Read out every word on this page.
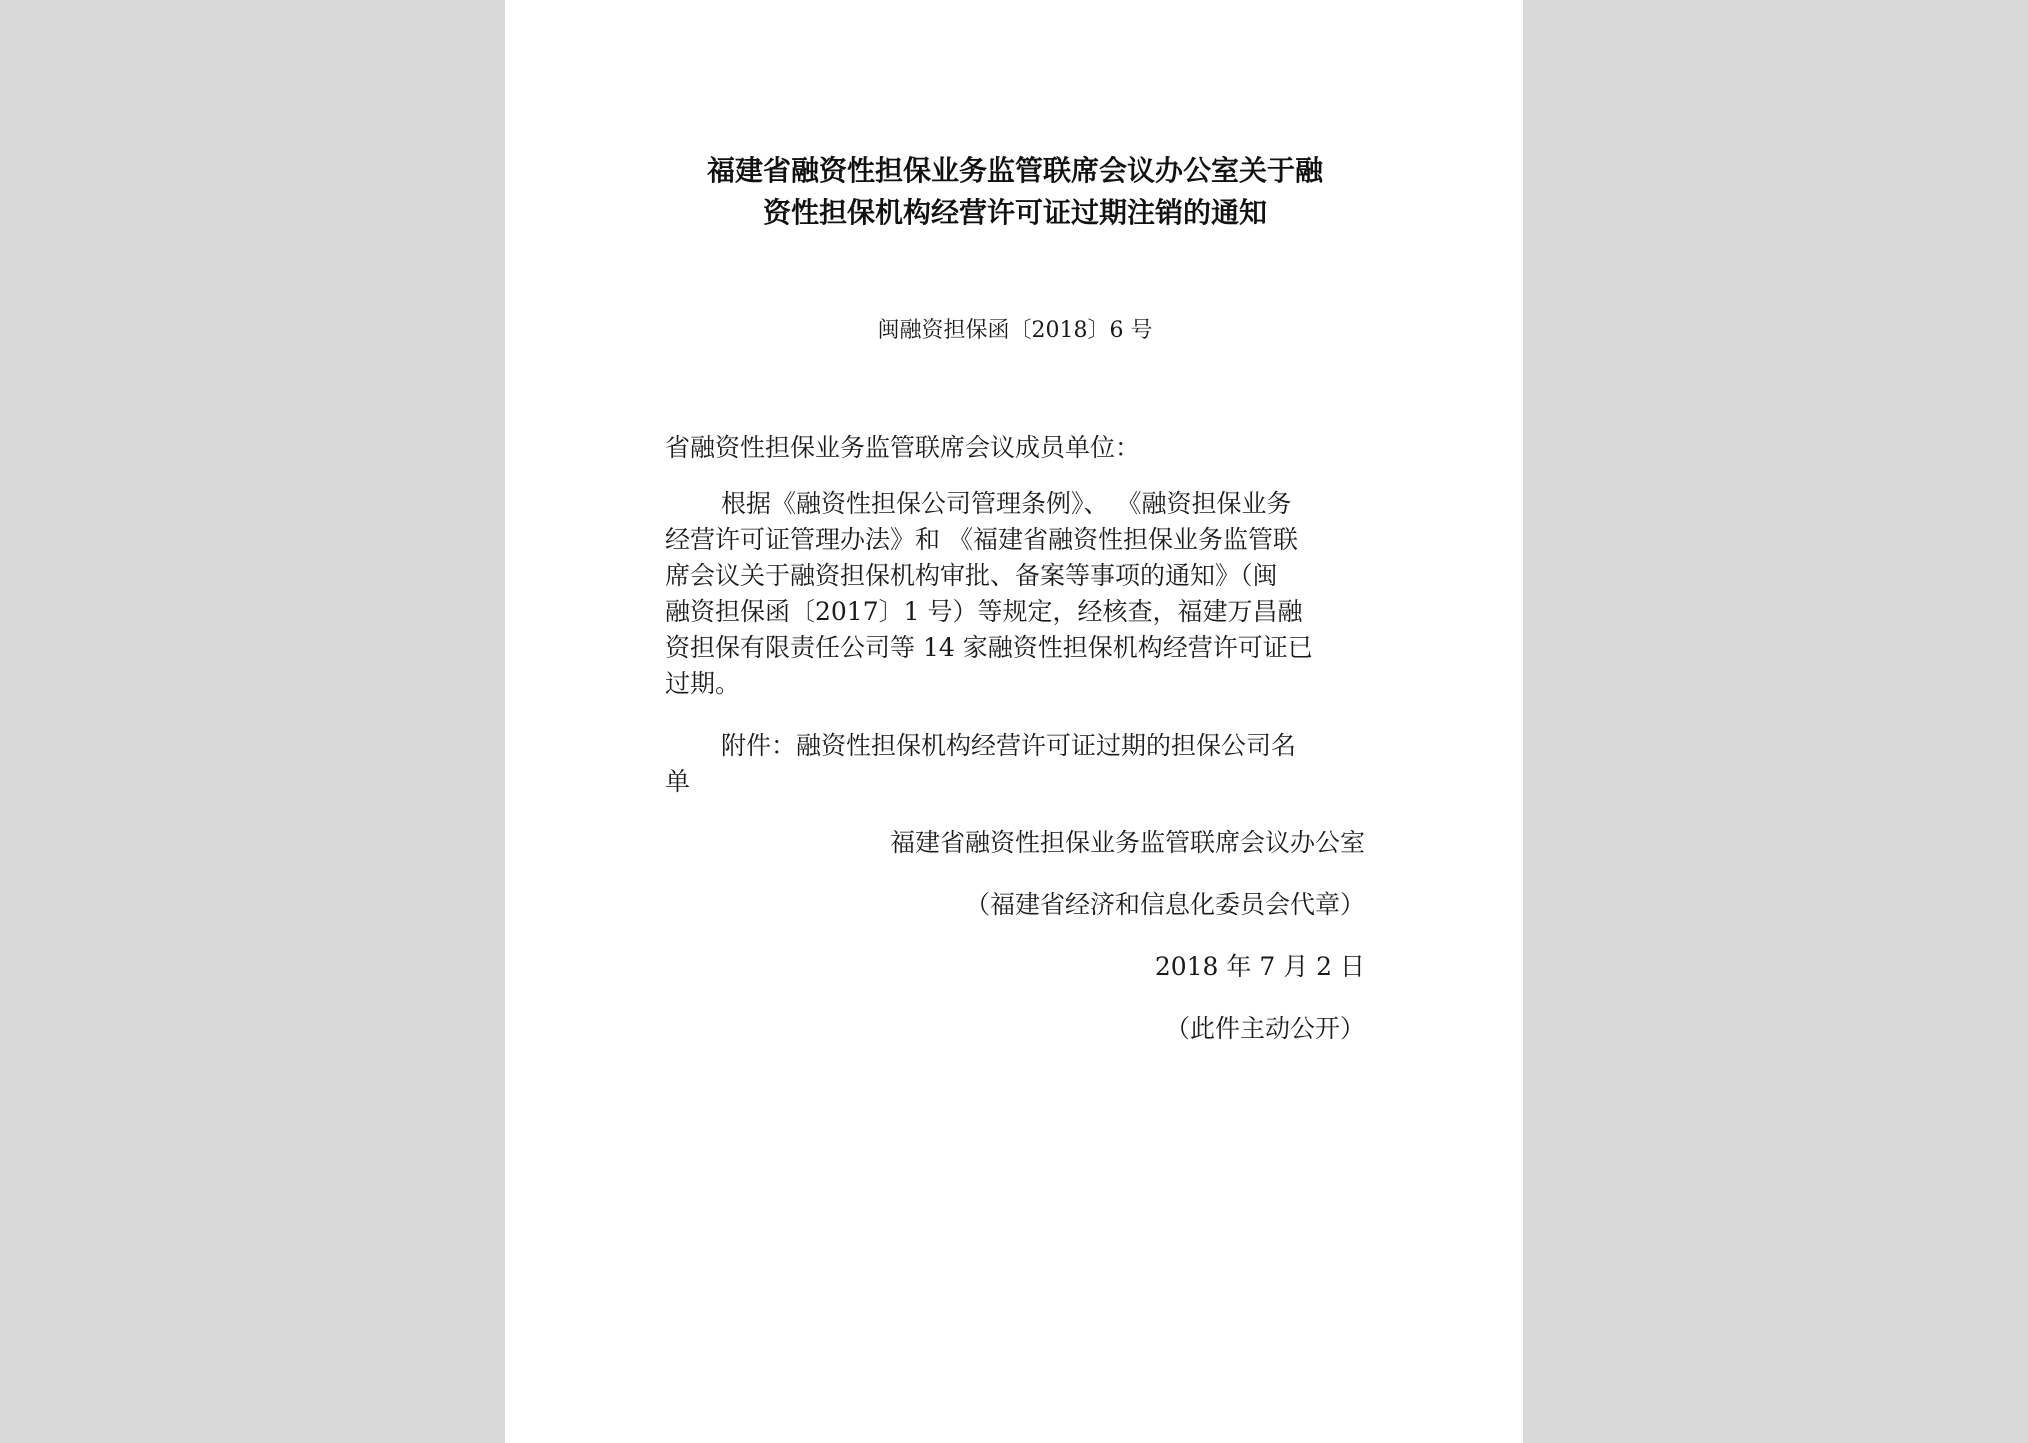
福建省融资性担保业务监管联席会议办公室关于融
资性担保机构经营许可证过期注销的通知
闽融资担保函〔2018〕6 号
省融资性担保业务监管联席会议成员单位：
根据《融资性担保公司管理条例》、 《融资担保业务
经营许可证管理办法》和 《福建省融资性担保业务监管联
席会议关于融资担保机构审批、备案等事项的通知》（闽
融资担保函〔2017〕1 号）等规定，经核查，福建万昌融
资担保有限责任公司等 14 家融资性担保机构经营许可证已
过期。
附件：融资性担保机构经营许可证过期的担保公司名
单
福建省融资性担保业务监管联席会议办公室
（福建省经济和信息化委员会代章）
2018 年 7 月 2 日
（此件主动公开）
